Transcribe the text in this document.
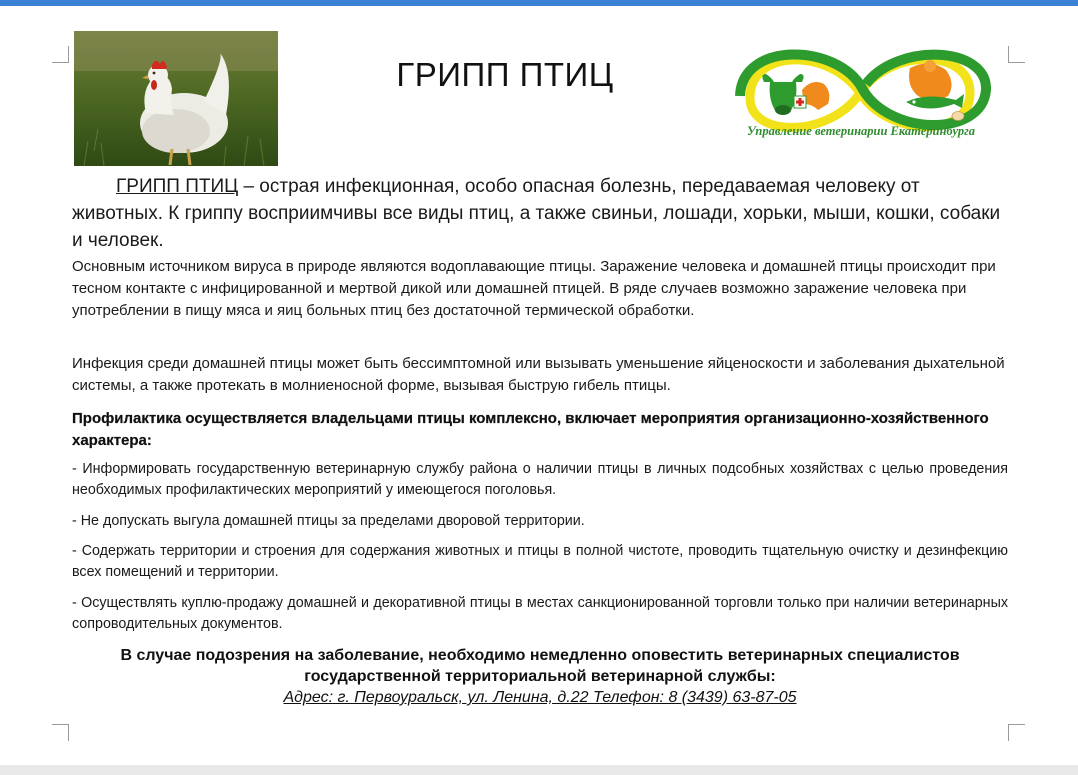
ГРИПП ПТИЦ
Управление ветеринарии Екатеринбурга
ГРИПП ПТИЦ – острая инфекционная, особо опасная болезнь, передаваемая человеку от животных. К гриппу восприимчивы все виды птиц, а также свиньи, лошади, хорьки, мыши, кошки, собаки и человек.
Основным источником вируса в природе являются водоплавающие птицы. Заражение человека и домашней птицы происходит при тесном контакте с инфицированной и мертвой дикой или домашней птицей. В ряде случаев возможно заражение человека при употреблении в пищу мяса и яиц больных птиц без достаточной термической обработки.
Инфекция среди домашней птицы может быть бессимптомной или вызывать уменьшение яйценоскости и заболевания дыхательной системы, а также протекать в молниеносной форме, вызывая быструю гибель птицы.
Профилактика осуществляется владельцами птицы комплексно, включает мероприятия организационно-хозяйственного характера:
- Информировать государственную ветеринарную службу района о наличии птицы в личных подсобных хозяйствах с целью проведения необходимых профилактических мероприятий у имеющегося поголовья.
- Не допускать выгула домашней птицы за пределами дворовой территории.
- Содержать территории и строения для содержания животных и птицы в полной чистоте, проводить тщательную очистку и дезинфекцию всех помещений и территории.
- Осуществлять куплю-продажу домашней и декоративной птицы в местах санкционированной торговли только при наличии ветеринарных сопроводительных документов.
В случае подозрения на заболевание, необходимо немедленно оповестить ветеринарных специалистов государственной территориальной ветеринарной службы:
Адрес: г. Первоуральск, ул. Ленина, д.22 Телефон: 8 (3439) 63-87-05
